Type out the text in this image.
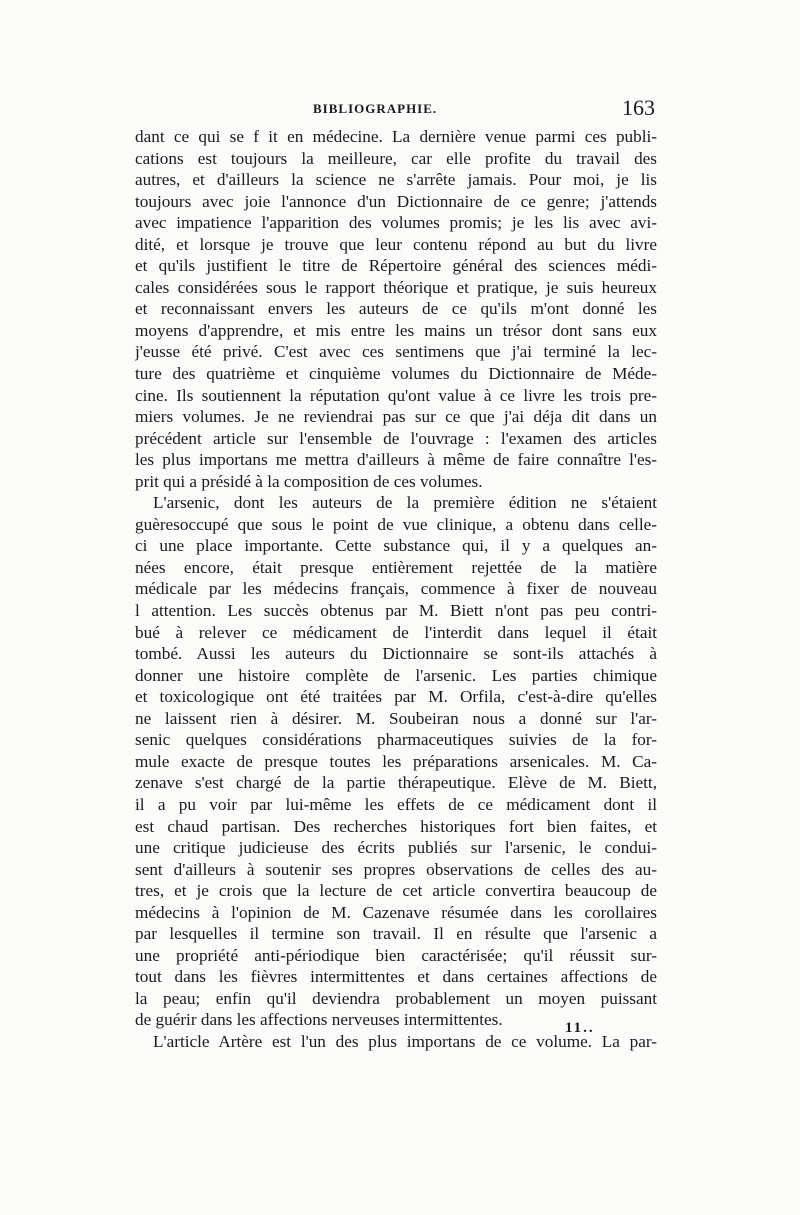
BIBLIOGRAPHIE.	163
dant ce qui se f it en médecine. La dernière venue parmi ces publi-
cations est toujours la meilleure, car elle profite du travail des
autres, et d'ailleurs la science ne s'arrête jamais. Pour moi, je lis
toujours avec joie l'annonce d'un Dictionnaire de ce genre; j'attends
avec impatience l'apparition des volumes promis; je les lis avec avi-
dité, et lorsque je trouve que leur contenu répond au but du livre
et qu'ils justifient le titre de Répertoire général des sciences médi-
cales considérées sous le rapport théorique et pratique, je suis heureux
et reconnaissant envers les auteurs de ce qu'ils m'ont donné les
moyens d'apprendre, et mis entre les mains un trésor dont sans eux
j'eusse été privé. C'est avec ces sentimens que j'ai terminé la lec-
ture des quatrième et cinquième volumes du Dictionnaire de Méde-
cine. Ils soutiennent la réputation qu'ont value à ce livre les trois pre-
miers volumes. Je ne reviendrai pas sur ce que j'ai déja dit dans un
précédent article sur l'ensemble de l'ouvrage : l'examen des articles
les plus importans me mettra d'ailleurs à même de faire connaître l'es-
prit qui a présidé à la composition de ces volumes.
L'arsenic, dont les auteurs de la première édition ne s'étaient
guèresoccupé que sous le point de vue clinique, a obtenu dans celle-
ci une place importante. Cette substance qui, il y a quelques an-
nées encore, était presque entièrement rejettée de la matière
médicale par les médecins français, commence à fixer de nouveau
l attention. Les succès obtenus par M. Biett n'ont pas peu contri-
bué à relever ce médicament de l'interdit dans lequel il était
tombé. Aussi les auteurs du Dictionnaire se sont-ils attachés à
donner une histoire complète de l'arsenic. Les parties chimique
et toxicologique ont été traitées par M. Orfila, c'est-à-dire qu'elles
ne laissent rien à désirer. M. Soubeiran nous a donné sur l'ar-
senic quelques considérations pharmaceutiques suivies de la for-
mule exacte de presque toutes les préparations arsenicales. M. Ca-
zenave s'est chargé de la partie thérapeutique. Elève de M. Biett,
il a pu voir par lui-même les effets de ce médicament dont il
est chaud partisan. Des recherches historiques fort bien faites, et
une critique judicieuse des écrits publiés sur l'arsenic, le condui-
sent d'ailleurs à soutenir ses propres observations de celles des au-
tres, et je crois que la lecture de cet article convertira beaucoup de
médecins à l'opinion de M. Cazenave résumée dans les corollaires
par lesquelles il termine son travail. Il en résulte que l'arsenic a
une propriété anti-périodique bien caractérisée; qu'il réussit sur-
tout dans les fièvres intermittentes et dans certaines affections de
la peau; enfin qu'il deviendra probablement un moyen puissant
de guérir dans les affections nerveuses intermittentes.
L'article Artère est l'un des plus importans de ce volume. La par-
11..
